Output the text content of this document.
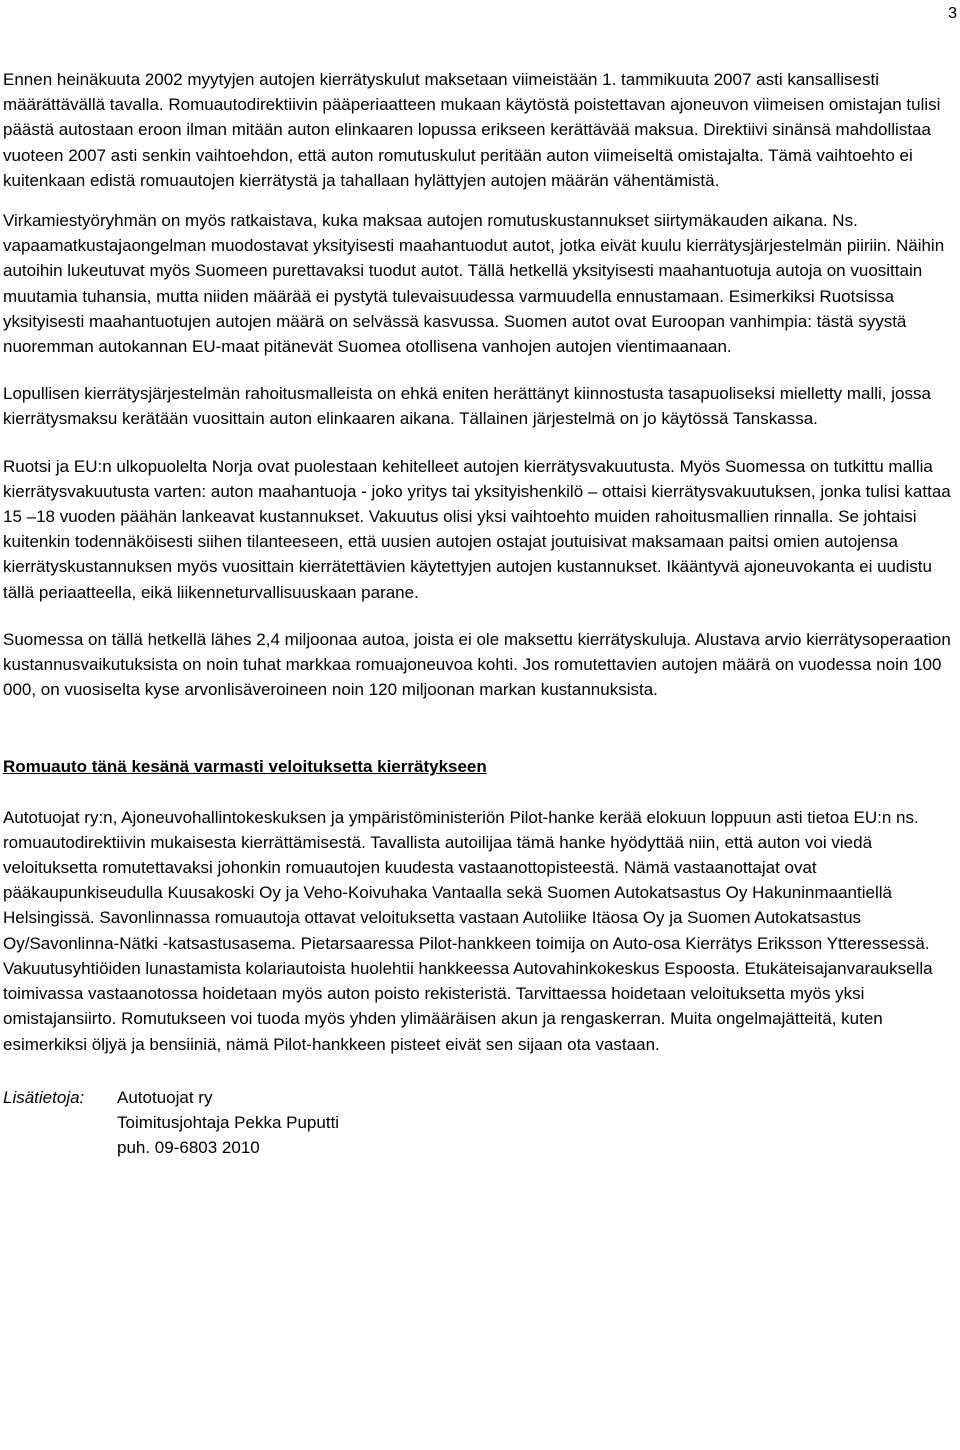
3

Ennen heinäkuuta 2002 myytyjen autojen kierrätyskulut maksetaan viimeistään 1. tammikuuta 2007 asti kansallisesti määrättävällä tavalla. Romuautodirektiivin pääperiaatteen mukaan käytöstä poistettavan ajoneuvon viimeisen omistajan tulisi päästä autostaan eroon ilman mitään auton elinkaaren lopussa erikseen kerättävää maksua. Direktiivi sinänsä mahdollistaa vuoteen 2007 asti senkin vaihtoehdon, että auton romutuskulut peritään auton viimeiseltä omistajalta. Tämä vaihtoehto ei kuitenkaan edistä romuautojen kierrätystä ja tahallaan hylättyjen autojen määrän vähentämistä.

Virkamiestyöryhmän on myös ratkaistava, kuka maksaa autojen romutuskustannukset siirtymäkauden aikana. Ns. vapaamatkustajaongelman muodostavat yksityisesti maahantuodut autot, jotka eivät kuulu kierrätysjärjestelmän piiriin. Näihin autoihin lukeutuvat myös Suomeen purettavaksi tuodut autot. Tällä hetkellä yksityisesti maahantuotuja autoja on vuosittain muutamia tuhansia, mutta niiden määrää ei pystytä tulevaisuudessa varmuudella ennustamaan. Esimerkiksi Ruotsissa yksityisesti maahantuotujen autojen määrä on selvässä kasvussa. Suomen autot ovat Euroopan vanhimpia: tästä syystä nuoremman autokannan EU-maat pitänevät Suomea otollisena vanhojen autojen vientimaanaan.

Lopullisen kierrätysjärjestelmän rahoitusmalleista on ehkä eniten herättänyt kiinnostusta tasapuoliseksi mielletty malli, jossa kierrätysmaksu kerätään vuosittain auton elinkaaren aikana. Tällainen järjestelmä on jo käytössä Tanskassa.

Ruotsi ja EU:n ulkopuolelta Norja ovat puolestaan kehitelleet autojen kierrätysvakuutusta. Myös Suomessa on tutkittu mallia kierrätysvakuutusta varten: auton maahantuoja - joko yritys tai yksityishenkilö – ottaisi kierrätysvakuutuksen, jonka tulisi kattaa 15 –18 vuoden päähän lankeavat kustannukset. Vakuutus olisi yksi vaihtoehto muiden rahoitusmallien rinnalla. Se johtaisi kuitenkin todennäköisesti siihen tilanteeseen, että uusien autojen ostajat joutuisivat maksamaan paitsi omien autojensa kierrätyskustannuksen myös vuosittain kierrätettävien käytettyjen autojen kustannukset. Ikääntyvä ajoneuvokanta ei uudistu tällä periaatteella, eikä liikenneturvallisuuskaan parane.

Suomessa on tällä hetkellä lähes 2,4 miljoonaa autoa, joista ei ole maksettu kierrätyskuluja. Alustava arvio kierrätysoperaation kustannusvaikutuksista on noin tuhat markkaa romuajoneuvoa kohti. Jos romutettavien autojen määrä on vuodessa noin 100 000, on vuosiselta kyse arvonlisäveroineen noin 120 miljoonan markan kustannuksista.

Romuauto tänä kesänä varmasti veloituksetta kierrätykseen

Autotuojat ry:n, Ajoneuvohallintokeskuksen ja ympäristöministeriön Pilot-hanke kerää elokuun loppuun asti tietoa EU:n ns. romuautodirektiivin mukaisesta kierrättämisestä. Tavallista autoilijaa tämä hanke hyödyttää niin, että auton voi viedä veloituksetta romutettavaksi johonkin romuautojen kuudesta vastaanottopisteestä. Nämä vastaanottajat ovat pääkaupunkiseudulla Kuusakoski Oy ja Veho-Koivuhaka Vantaalla sekä Suomen Autokatsastus Oy Hakuninmaantiellä Helsingissä. Savonlinnassa romuautoja ottavat veloituksetta vastaan Autoliike Itäosa Oy ja Suomen Autokatsastus Oy/Savonlinna-Nätki -katsastusasema. Pietarsaaressa Pilot-hankkeen toimija on Auto-osa Kierrätys Eriksson Ytteressessä. Vakuutusyhtiöiden lunastamista kolariautoista huolehtii hankkeessa Autovahinkokeskus Espoosta. Etukäteisajanvarauksella toimivassa vastaanotossa hoidetaan myös auton poisto rekisteristä. Tarvittaessa hoidetaan veloituksetta myös yksi omistajansiirto. Romutukseen voi tuoda myös yhden ylimääräisen akun ja rengaskerran. Muita ongelmajätteitä, kuten esimerkiksi öljyä ja bensiiniä, nämä Pilot-hankkeen pisteet eivät sen sijaan ota vastaan.

Lisätietoja:	Autotuojat ry
Toimitusjohtaja Pekka Puputti
puh. 09-6803 2010
